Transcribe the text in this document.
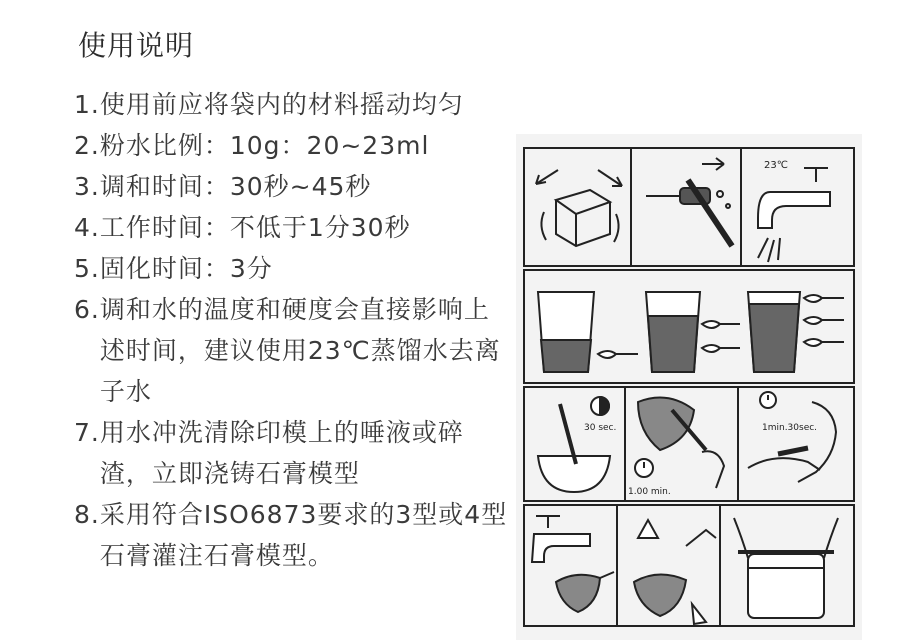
使用说明
1. 使用前应将袋内的材料摇动均匀
2. 粉水比例：10g：20~23ml
3. 调和时间：30秒~45秒
4. 工作时间：不低于1分30秒
5. 固化时间：3分
6. 调和水的温度和硬度会直接影响上述时间，建议使用23℃蒸馏水去离子水
7. 用水冲洗清除印模上的唾液或碎渣，立即浇铸石膏模型
8. 采用符合ISO6873要求的3型或4型石膏灌注石膏模型。
23℃
30 sec.
1.00 min.
1min.30sec.
